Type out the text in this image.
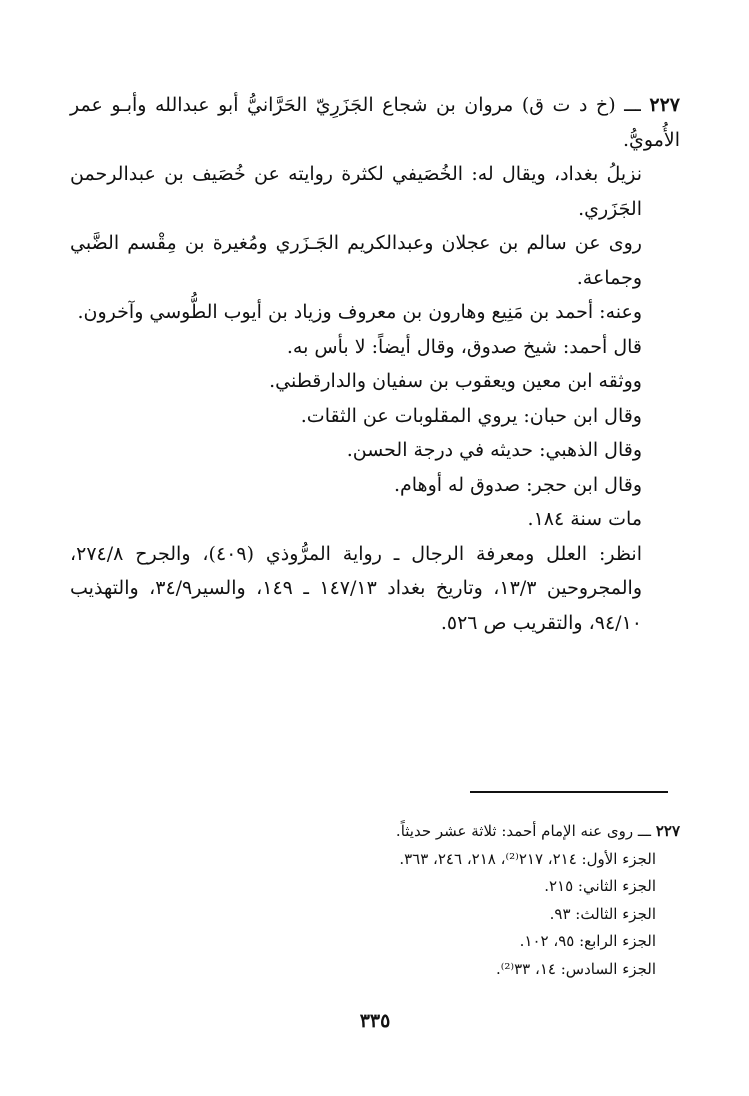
٢٢٧ ـــ (خ د ت ق) مروان بن شجاع الجَزَرِيّ الحَرَّانيُّ أبو عبدالله وأبـو عمر الأُمويُّ.

نزيلُ بغداد، ويقال له: الخُصَيفي لكثرة روايته عن خُصَيف بن عبدالرحمن الجَزَري.

روى عن سالم بن عجلان وعبدالكريم الجَـزَري ومُغيرة بن مِقْسم الضَّبي وجماعة.

وعنه: أحمد بن مَنِيع وهارون بن معروف وزياد بن أيوب الطُّوسي وآخرون.

قال أحمد: شيخ صدوق، وقال أيضاً: لا بأس به.

ووثقه ابن معين ويعقوب بن سفيان والدارقطني.

وقال ابن حبان: يروي المقلوبات عن الثقات.

وقال الذهبي: حديثه في درجة الحسن.

وقال ابن حجر: صدوق له أوهام.

مات سنة ١٨٤.

انظر: العلل ومعرفة الرجال ـ رواية المرُّوذي (٤٠٩)، والجرح ٢٧٤/٨، والمجروحين ١٣/٣، وتاريخ بغداد ١٤٧/١٣ ـ ١٤٩، والسير٣٤/٩، والتهذيب ٩٤/١٠، والتقريب ص ٥٢٦.

٢٢٧ ـــ روى عنه الإمام أحمد: ثلاثة عشر حديثاً.

الجزء الأول: ٢١٤، ٢١٧⁽²⁾، ٢١٨، ٢٤٦، ٣٦٣.

الجزء الثاني: ٢١٥.

الجزء الثالث: ٩٣.

الجزء الرابع: ٩٥، ١٠٢.

الجزء السادس: ١٤، ٣٣⁽²⁾.

٣٣٥
